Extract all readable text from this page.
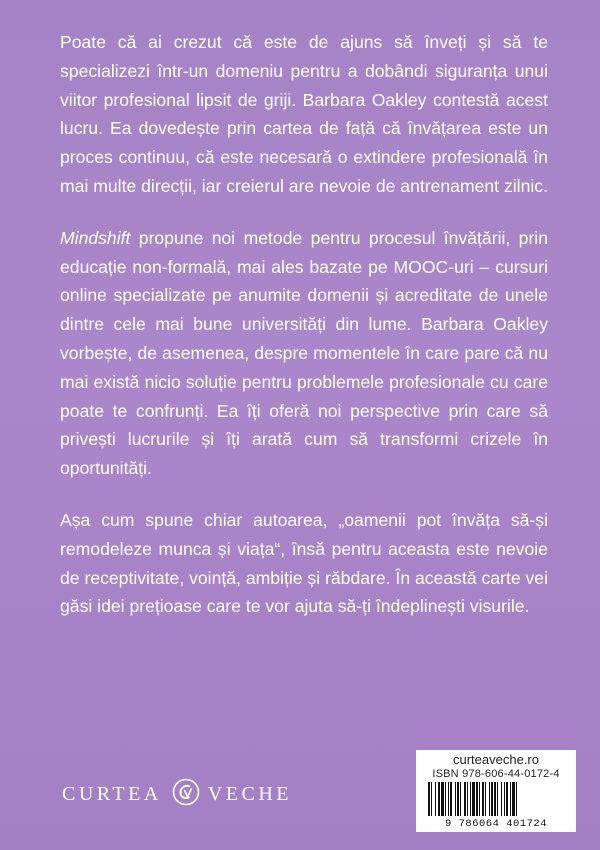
Poate că ai crezut că este de ajuns să înveți și să te specializezi într-un domeniu pentru a dobândi siguranța unui viitor profesional lipsit de griji. Barbara Oakley contestă acest lucru. Ea dovedește prin cartea de față că învățarea este un proces continuu, că este necesară o extindere profesională în mai multe direcții, iar creierul are nevoie de antrenament zilnic.

Mindshift propune noi metode pentru procesul învățării, prin educație non-formală, mai ales bazate pe MOOC-uri – cursuri online specializate pe anumite domenii și acreditate de unele dintre cele mai bune universități din lume. Barbara Oakley vorbește, de asemenea, despre momentele în care pare că nu mai există nicio soluție pentru problemele profesionale cu care poate te confrunți. Ea îți oferă noi perspective prin care să privești lucrurile și îți arată cum să transformi crizele în oportunități.

Așa cum spune chiar autoarea, „oamenii pot învăța să-și remodeleze munca și viața“, însă pentru aceasta este nevoie de receptivitate, voință, ambiție și răbdare. În această carte vei găsi idei prețioase care te vor ajuta să-ți îndeplinești visurile.

CURTEA VECHE
curteaveche.ro
ISBN 978-606-44-0172-4
9 786064 401724
